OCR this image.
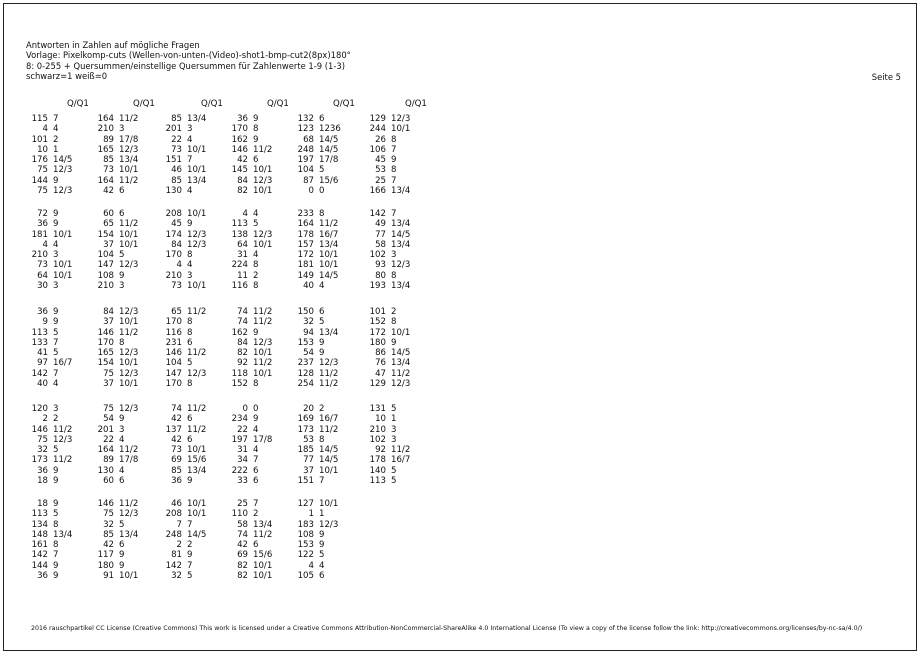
Antworten in Zahlen auf mögliche Fragen
Vorlage: Pixelkomp-cuts (Wellen-von-unten-(Video)-shot1-bmp-cut2(8px)180°
8: 0-255 + Quersummen/einstellige Quersummen für Zahlenwerte 1-9 (1-3)
schwarz=1 weiß=0	Seite 5
Q/Q1
115 7
4 4
101 2
10 1
176 14/5
75 12/3
144 9
75 12/3
72 9
36 9
181 10/1
4 4
210 3
73 10/1
64 10/1
30 3
36 9
9 9
113 5
133 7
41 5
97 16/7
142 7
40 4
120 3
2 2
146 11/2
75 12/3
32 5
173 11/2
36 9
18 9
18 9
113 5
134 8
148 13/4
161 8
142 7
144 9
36 9
Q/Q1
164 11/2
210 3
89 17/8
165 12/3
85 13/4
73 10/1
164 11/2
42 6
60 6
65 11/2
154 10/1
37 10/1
104 5
147 12/3
108 9
210 3
84 12/3
37 10/1
146 11/2
170 8
165 12/3
154 10/1
75 12/3
37 10/1
75 12/3
54 9
201 3
22 4
164 11/2
89 17/8
130 4
60 6
146 11/2
75 12/3
32 5
85 13/4
42 6
117 9
180 9
91 10/1
Q/Q1
85 13/4
201 3
22 4
73 10/1
151 7
46 10/1
85 13/4
130 4
208 10/1
45 9
174 12/3
84 12/3
170 8
4 4
210 3
73 10/1
65 11/2
170 8
116 8
231 6
146 11/2
104 5
147 12/3
170 8
74 11/2
42 6
137 11/2
42 6
73 10/1
69 15/6
85 13/4
36 9
46 10/1
208 10/1
7 7
248 14/5
2 2
81 9
142 7
32 5
Q/Q1
36 9
170 8
162 9
146 11/2
42 6
145 10/1
84 12/3
82 10/1
4 4
113 5
138 12/3
64 10/1
31 4
224 8
11 2
116 8
74 11/2
74 11/2
162 9
84 12/3
82 10/1
92 11/2
118 10/1
152 8
0 0
234 9
22 4
197 17/8
31 4
34 7
222 6
33 6
25 7
110 2
58 13/4
74 11/2
42 6
69 15/6
82 10/1
82 10/1
Q/Q1
132 6
123 1236
68 14/5
248 14/5
197 17/8
104 5
87 15/6
0 0
233 8
164 11/2
178 16/7
157 13/4
172 10/1
181 10/1
149 14/5
40 4
150 6
32 5
94 13/4
153 9
54 9
237 12/3
128 11/2
254 11/2
20 2
169 16/7
173 11/2
53 8
185 14/5
77 14/5
37 10/1
151 7
127 10/1
1 1
183 12/3
108 9
153 9
122 5
4 4
105 6
Q/Q1
129 12/3
244 10/1
26 8
106 7
45 9
53 8
25 7
166 13/4
142 7
49 13/4
77 14/5
58 13/4
102 3
93 12/3
80 8
193 13/4
101 2
152 8
172 10/1
180 9
86 14/5
76 13/4
47 11/2
129 12/3
131 5
10 1
210 3
102 3
92 11/2
178 16/7
140 5
113 5
2016 rauschpartikel CC License (Creative Commons) This work is licensed under a Creative Commons Attribution-NonCommercial-ShareAlike 4.0 International License (To view a copy of the license follow the link: http://creativecommons.org/licenses/by-nc-sa/4.0/)
